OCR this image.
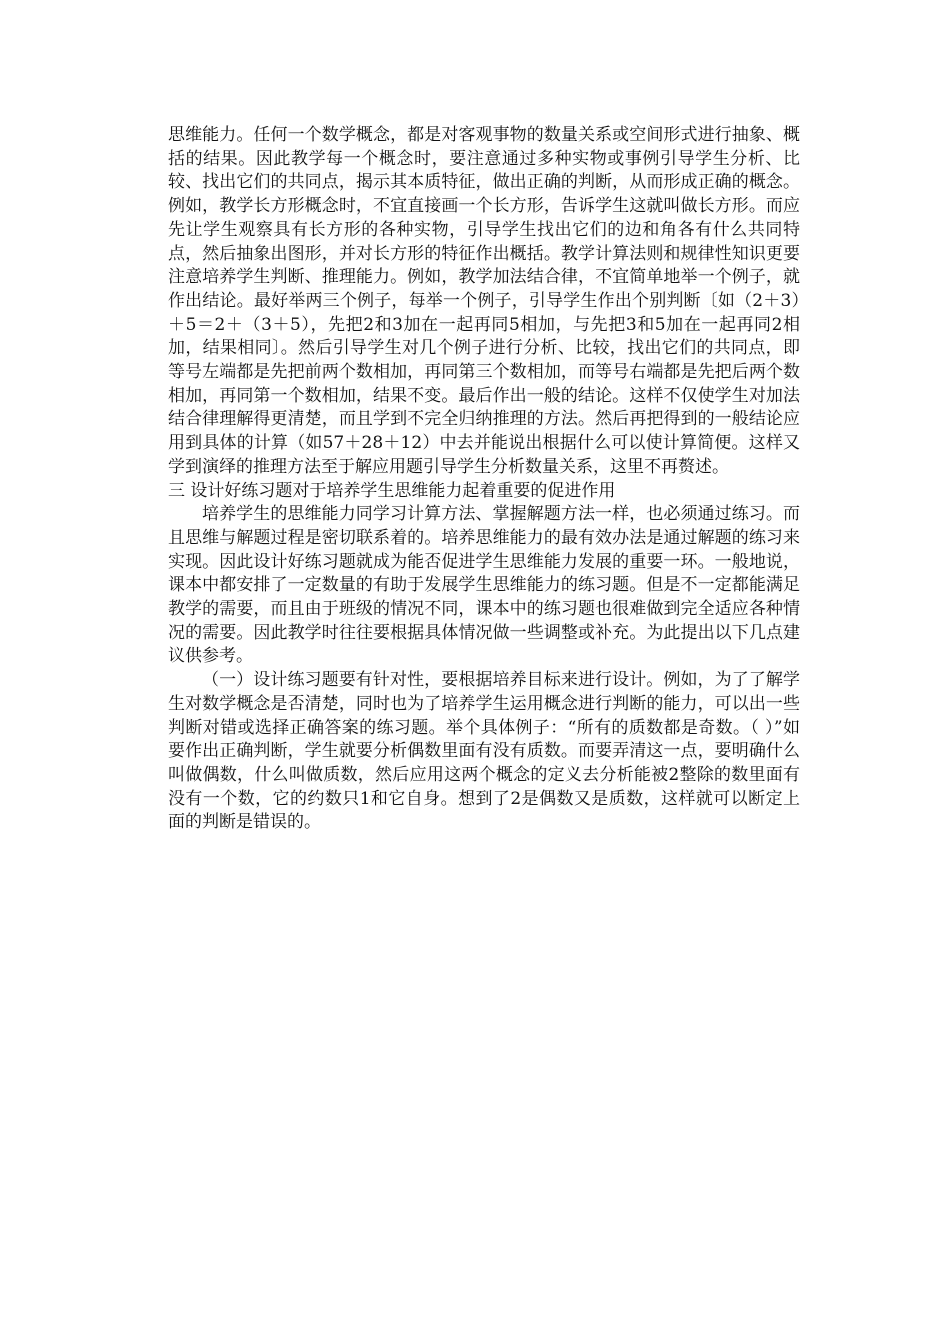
思维能力。任何一个数学概念，都是对客观事物的数量关系或空间形式进行抽象、概括的结果。因此教学每一个概念时，要注意通过多种实物或事例引导学生分析、比较、找出它们的共同点，揭示其本质特征，做出正确的判断，从而形成正确的概念。例如，教学长方形概念时，不宜直接画一个长方形，告诉学生这就叫做长方形。而应先让学生观察具有长方形的各种实物，引导学生找出它们的边和角各有什么共同特点，然后抽象出图形，并对长方形的特征作出概括。教学计算法则和规律性知识更要注意培养学生判断、推理能力。例如，教学加法结合律，不宜简单地举一个例子，就作出结论。最好举两三个例子，每举一个例子，引导学生作出个别判断〔如（2＋3）＋5＝2＋（3＋5），先把2和3加在一起再同5相加，与先把3和5加在一起再同2相加，结果相同〕。然后引导学生对几个例子进行分析、比较，找出它们的共同点，即等号左端都是先把前两个数相加，再同第三个数相加，而等号右端都是先把后两个数相加，再同第一个数相加，结果不变。最后作出一般的结论。这样不仅使学生对加法结合律理解得更清楚，而且学到不完全归纳推理的方法。然后再把得到的一般结论应用到具体的计算（如57＋28＋12）中去并能说出根据什么可以使计算简便。这样又学到演绎的推理方法至于解应用题引导学生分析数量关系，这里不再赘述。

三 设计好练习题对于培养学生思维能力起着重要的促进作用

培养学生的思维能力同学习计算方法、掌握解题方法一样，也必须通过练习。而且思维与解题过程是密切联系着的。培养思维能力的最有效办法是通过解题的练习来实现。因此设计好练习题就成为能否促进学生思维能力发展的重要一环。一般地说，课本中都安排了一定数量的有助于发展学生思维能力的练习题。但是不一定都能满足教学的需要，而且由于班级的情况不同，课本中的练习题也很难做到完全适应各种情况的需要。因此教学时往往要根据具体情况做一些调整或补充。为此提出以下几点建议供参考。

（一）设计练习题要有针对性，要根据培养目标来进行设计。例如，为了了解学生对数学概念是否清楚，同时也为了培养学生运用概念进行判断的能力，可以出一些判断对错或选择正确答案的练习题。举个具体例子：“所有的质数都是奇数。（ ）”如要作出正确判断，学生就要分析偶数里面有没有质数。而要弄清这一点，要明确什么叫做偶数，什么叫做质数，然后应用这两个概念的定义去分析能被2整除的数里面有没有一个数，它的约数只1和它自身。想到了2是偶数又是质数，这样就可以断定上面的判断是错误的。
